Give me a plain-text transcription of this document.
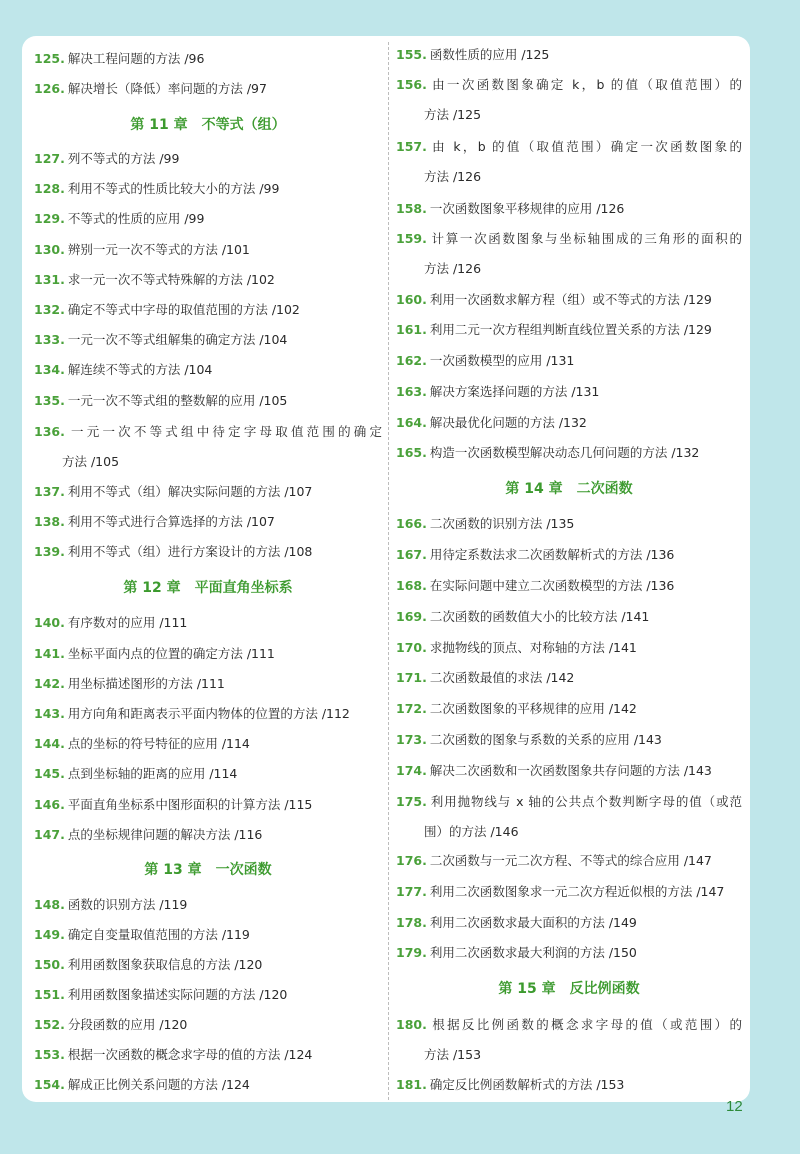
125. 解决工程问题的方法 /96
126. 解决增长（降低）率问题的方法 /97
第 11 章　不等式（组）
127. 列不等式的方法 /99
128. 利用不等式的性质比较大小的方法 /99
129. 不等式的性质的应用 /99
130. 辨别一元一次不等式的方法 /101
131. 求一元一次不等式特殊解的方法 /102
132. 确定不等式中字母的取值范围的方法 /102
133. 一元一次不等式组解集的确定方法 /104
134. 解连续不等式的方法 /104
135. 一元一次不等式组的整数解的应用 /105
136. 一元一次不等式组中待定字母取值范围的确定
方法 /105
137. 利用不等式（组）解决实际问题的方法 /107
138. 利用不等式进行合算选择的方法 /107
139. 利用不等式（组）进行方案设计的方法 /108
第 12 章　平面直角坐标系
140. 有序数对的应用 /111
141. 坐标平面内点的位置的确定方法 /111
142. 用坐标描述图形的方法 /111
143. 用方向角和距离表示平面内物体的位置的方法 /112
144. 点的坐标的符号特征的应用 /114
145. 点到坐标轴的距离的应用 /114
146. 平面直角坐标系中图形面积的计算方法 /115
147. 点的坐标规律问题的解决方法 /116
第 13 章　一次函数
148. 函数的识别方法 /119
149. 确定自变量取值范围的方法 /119
150. 利用函数图象获取信息的方法 /120
151. 利用函数图象描述实际问题的方法 /120
152. 分段函数的应用 /120
153. 根据一次函数的概念求字母的值的方法 /124
154. 解成正比例关系问题的方法 /124
155. 函数性质的应用 /125
156. 由一次函数图象确定 k，b 的值（取值范围）的
方法 /125
157. 由 k，b 的值（取值范围）确定一次函数图象的
方法 /126
158. 一次函数图象平移规律的应用 /126
159. 计算一次函数图象与坐标轴围成的三角形的面积的
方法 /126
160. 利用一次函数求解方程（组）或不等式的方法 /129
161. 利用二元一次方程组判断直线位置关系的方法 /129
162. 一次函数模型的应用 /131
163. 解决方案选择问题的方法 /131
164. 解决最优化问题的方法 /132
165. 构造一次函数模型解决动态几何问题的方法 /132
第 14 章　二次函数
166. 二次函数的识别方法 /135
167. 用待定系数法求二次函数解析式的方法 /136
168. 在实际问题中建立二次函数模型的方法 /136
169. 二次函数的函数值大小的比较方法 /141
170. 求抛物线的顶点、对称轴的方法 /141
171. 二次函数最值的求法 /142
172. 二次函数图象的平移规律的应用 /142
173. 二次函数的图象与系数的关系的应用 /143
174. 解决二次函数和一次函数图象共存问题的方法 /143
175. 利用抛物线与 x 轴的公共点个数判断字母的值（或范
围）的方法 /146
176. 二次函数与一元二次方程、不等式的综合应用 /147
177. 利用二次函数图象求一元二次方程近似根的方法 /147
178. 利用二次函数求最大面积的方法 /149
179. 利用二次函数求最大利润的方法 /150
第 15 章　反比例函数
180. 根据反比例函数的概念求字母的值（或范围）的
方法 /153
181. 确定反比例函数解析式的方法 /153
12
